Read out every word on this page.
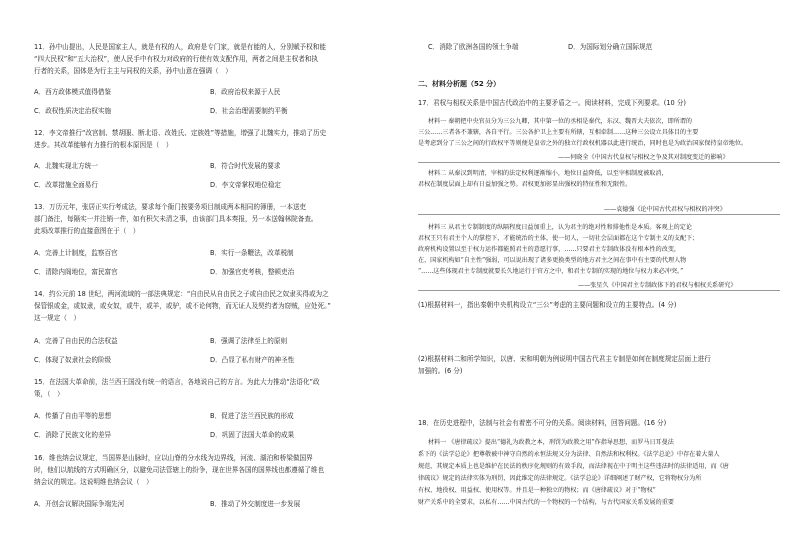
11．孙中山提出，人民是国家主人，就是有权的人，政府是专门家，就是有能的人，分别赋予权和能
“四大民权”和“五大治权”，使人民手中有权力对政府的行使有效支配作用，两者之间是主权者和执
行者的关系，国体是为行主主与同权的关系，孙中山意在强调（　）
A．西方政体模式值得借鉴	B．政府治权来源于人民
C．政权性质决定治权实施	D．社会治理需要制约平衡
12．李文帝推行“改宫制、禁胡服、断北语、改姓氏、定族姓”等措施，增强了北魏实力，推动了历史
进步。其改革能够有力推行的根本原因是（　）
A．北魏实现北方统一	B．符合时代发展的要求
C．改革措施全面易行	D．李文帝掌权地位稳定
13．万历元年，张居正实行考成法，要求每个衙门按要务项目制成两本相同的簿册，一本送吏
部门备注，每隔实一并注销一件，如有积欠未清之事，由该部门具本奏报，另一本送翰林院备查。
此项改革推行的直接意图在于（　）
A．完善上计制度，监察百官	B．实行一条鞭法，改革税制
C．清除内阁地位，富民富官	D．加强官吏考核，整顿吏治
14．约公元前 18 世纪，两河流域的一部法典规定：“自由民从自由民之子或自由民之奴隶买得或为之
保管银或金，或奴隶，或女奴，或牛，或羊，或驴，或不论何物，而无证人及契约者为窃贼，应处死。”
这一规定（　）
A．完善了自由民的合法权益	B．强调了法律至上的原则
C．体现了奴隶社会的阶级	D．凸显了私有财产的神圣性
15．在法国大革命前，法兰西王国没有统一的语言，各地说自己的方言。为此大力推动“法语化”政
策，（　）
A．传播了自由平等的思想	B．促进了法兰西民族的形成
C．消除了民族文化的差异	D．巩固了法国大革命的成果
16．维也纳会议规定，当国界是山脉时，应以山脊的分水线为边界线，河流、湖泊和桥梁做国界
时，他们以航线的方式明确区分，以避免司法管辖上的纷争，现在世界各国的国界线也都遵循了维也
纳会议的规定。这说明维也纳会议（　）
A．开创会议解决国际争端先河	B．推动了外交制度进一步发展
C．消除了欧洲各国的领土争端	D．为国际划分确立国际规范
二、材料分析题（52 分）
17．君权与相权关系是中国古代政治中的主要矛盾之一。阅读材料，完成下列要求。(10 分)
材料一 秦朝把中央官员分为三公九卿，其中第一位的丞相是秦代，东汉、魏晋大夫依次，即所谓的
三公……三者各不兼辖，各自平行。三公各护卫上主要有所辖，互相牵制……这种三公设立具体目的主要
是考虑到分了三公之间的行政权平等则便是皇帝之外的独立行政权机器以此进行统治，同时也是为政治国家保持皇帝地位。
——何晓全《中国古代皇权与相权之争及其对制度变迁的影响》
材料二 从秦汉到明清，宰相的法定权利逐渐缩小，地位日益降低，以至宰相制度被取消，
君权在制度层面上却有日益加强之势。君权更加彰显出强权的特征性和无限性。
——袁德强《论中国古代君权与相权的冲突》
材料三 从君主专制制度的纵隔程度日益加重上，认为君主的绝对性和排他性是本质。客观上的定论
君权王只有君主个人的掌控下，才能统治的主体，使一切人，一切社会层面都在这个专制主义的支配下；
政府机构设置以至于权力运作都能照君主的意愿行事，……只要君主专制政体没有根本性的改变，
在，国家机构如“自主性”强弱，可以说出现了诸多更换类型的地方君主之间在事中有主要的代理人物
“……这些体现君主专制度就要长久地运行于官方之中，和君主专制的实现的地位与权力来必冲突。”
——张星久《中国君主专制政体下的君权与相权关系研究》
(1)根据材料一，指出秦朝中央机构设立“三公”考虑的主要问题和设立的主要特点。(4 分)
(2)根据材料二和所学知识，以唐、宋和明朝为例说明中国古代君主专制是如何在制度规定层面上进行
加强的。(6 分)
18．在历史进程中，法制与社会有着密不可分的关系。阅读材料，回答问题。(16 分)
材料一 《唐律疏议》提出“德礼为政教之本，刑罚为政教之用”作指导思想，而罗马日耳曼法
系下的《法学总论》把尊敬被中神守自然的永恒法规又分为法律、自然法和权利权。《法学总论》中存在着大量人
规范，其规定本质上也是维护在民法的秩序化规则的有效手段，而法律视在中于明主这些违法时的法律适用，而《唐
律疏议》规定的法律实体为刑罚，因此维定的法律规定。《法学总论》详细阐述了财产权，它将物权分为所
有权、地役权、用益权、使用权等。并且是一种独立的物权；而《唐律疏议》对于“物权”
财产关系中的全要求，以私有……中国古代的一个物权的一个结构，与古代国家关系发展的重要
